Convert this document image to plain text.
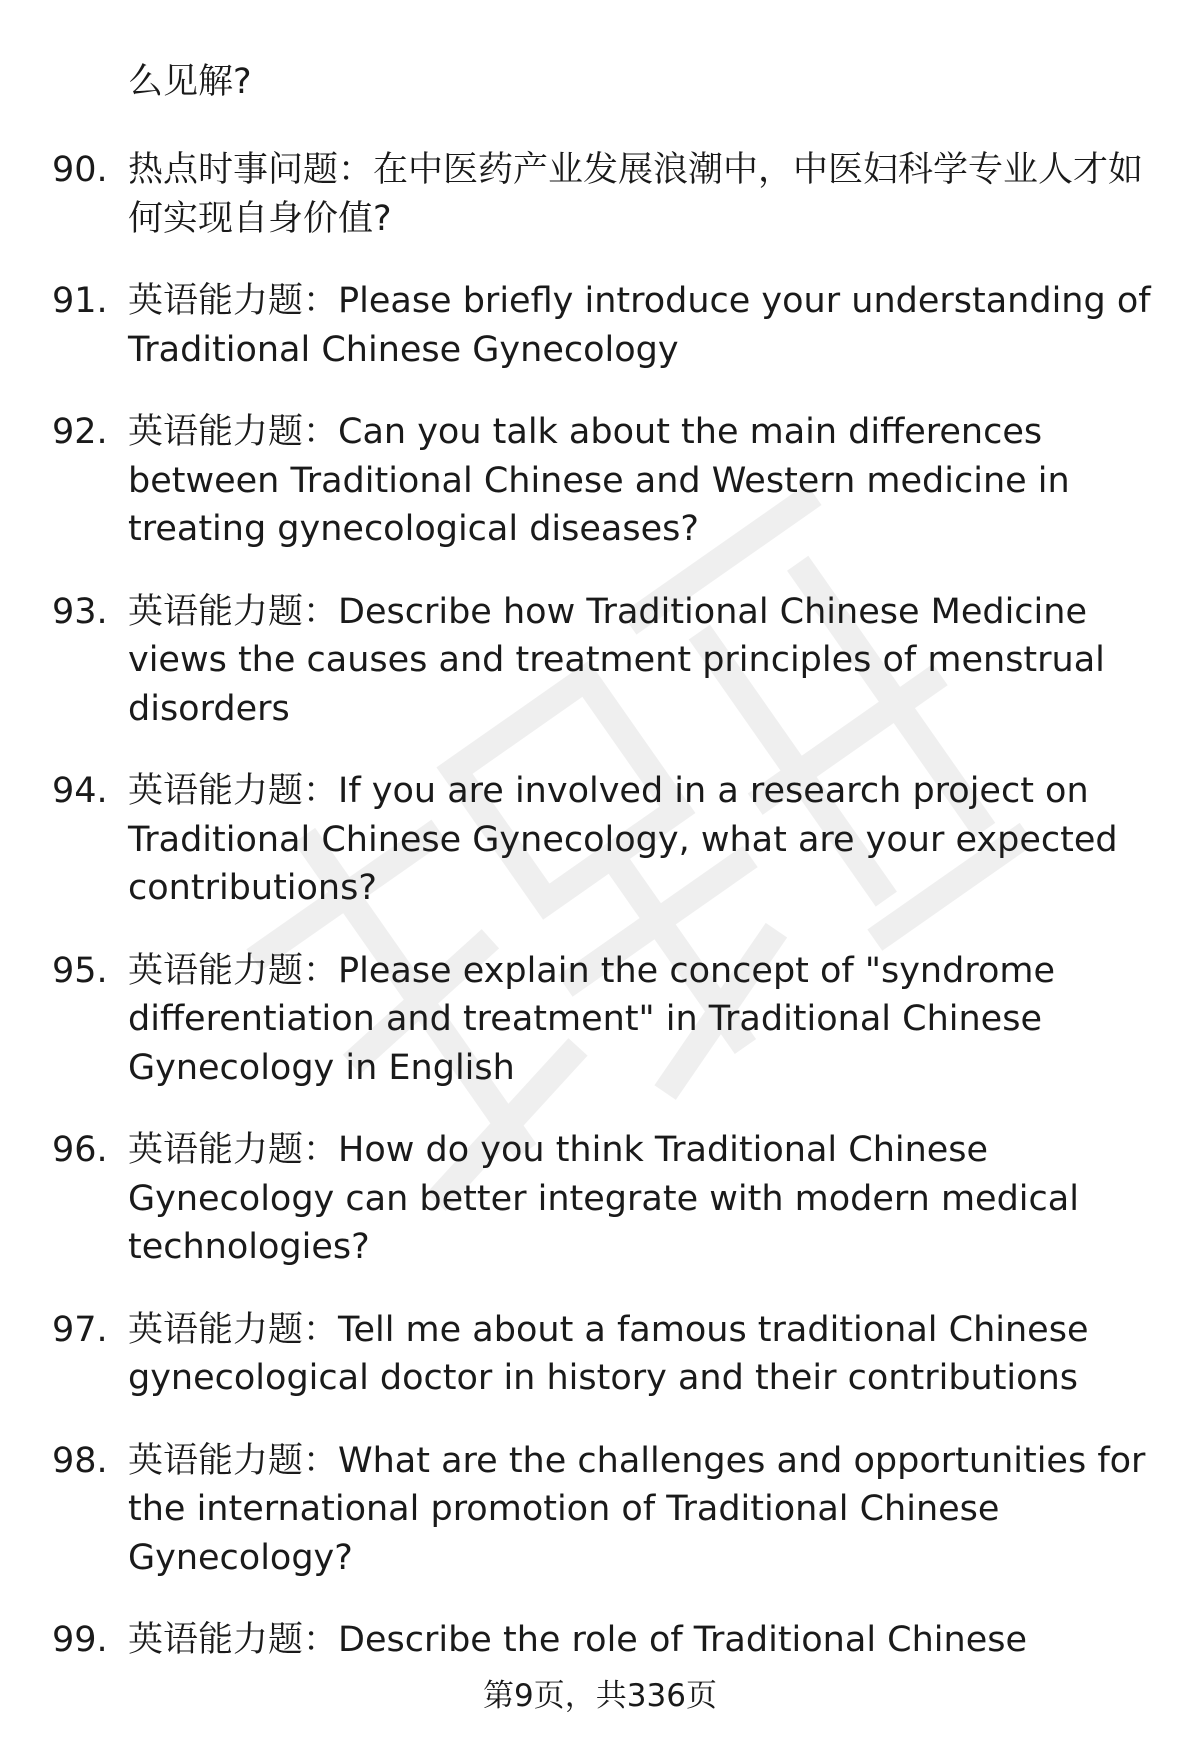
么见解?

90. 热点时事问题：在中医药产业发展浪潮中，中医妇科学专业人才如何实现自身价值?
91. 英语能力题：Please briefly introduce your understanding of Traditional Chinese Gynecology
92. 英语能力题：Can you talk about the main differences between Traditional Chinese and Western medicine in treating gynecological diseases?
93. 英语能力题：Describe how Traditional Chinese Medicine views the causes and treatment principles of menstrual disorders
94. 英语能力题：If you are involved in a research project on Traditional Chinese Gynecology, what are your expected contributions?
95. 英语能力题：Please explain the concept of "syndrome differentiation and treatment" in Traditional Chinese Gynecology in English
96. 英语能力题：How do you think Traditional Chinese Gynecology can better integrate with modern medical technologies?
97. 英语能力题：Tell me about a famous traditional Chinese gynecological doctor in history and their contributions
98. 英语能力题：What are the challenges and opportunities for the international promotion of Traditional Chinese Gynecology?
99. 英语能力题：Describe the role of Traditional Chinese
第9页，共336页
